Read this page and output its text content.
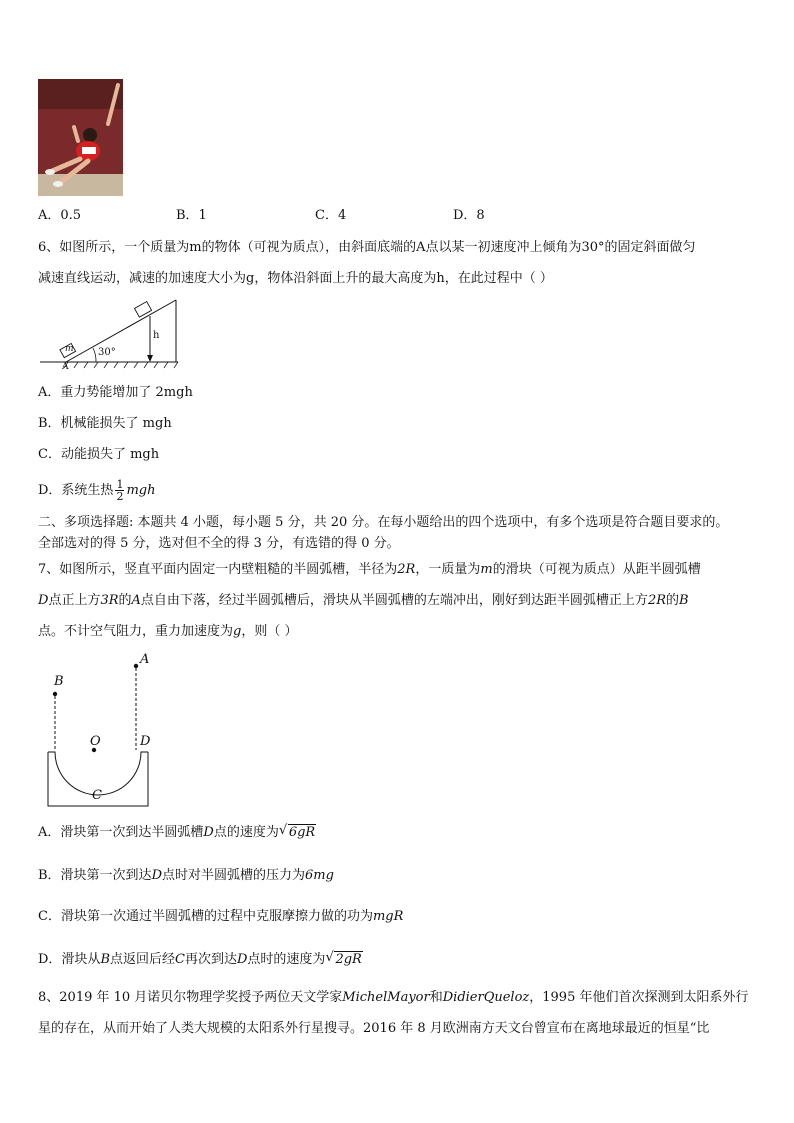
A．0.5	B．1	C．4	D．8
6、如图所示，一个质量为m的物体（可视为质点），由斜面底端的A点以某一初速度冲上倾角为30°的固定斜面做匀
减速直线运动，减速的加速度大小为g，物体沿斜面上升的最大高度为h，在此过程中（ ）
m 30°
h
A
A．重力势能增加了 2mgh
B．机械能损失了 mgh
C．动能损失了 mgh
D．系统生热 $\frac{1}{2}$ mgh
二、多项选择题: 本题共 4 小题，每小题 5 分，共 20 分。在每小题给出的四个选项中，有多个选项是符合题目要求的。
全部选对的得 5 分，选对但不全的得 3 分，有选错的得 0 分。
7、如图所示，竖直平面内固定一内壁粗糙的半圆弧槽，半径为2R，一质量为m的滑块（可视为质点）从距半圆弧槽
D点正上方3R的A点自由下落，经过半圆弧槽后，滑块从半圆弧槽的左端冲出，刚好到达距半圆弧槽正上方2R的B
点。不计空气阻力，重力加速度为g，则（ ）
B
A
O	D
C
A．滑块第一次到达半圆弧槽D点的速度为 √ 6gR
B．滑块第一次到达D点时对半圆弧槽的压力为6mg
C．滑块第一次通过半圆弧槽的过程中克服摩擦力做的功为mgR
D．滑块从B点返回后经C再次到达D点时的速度为 √ 2gR
8、2019 年 10 月诺贝尔物理学奖授予两位天文学家MichelMayor和DidierQueloz，1995 年他们首次探测到太阳系外行
星的存在，从而开始了人类大规模的太阳系外行星搜寻。2016 年 8 月欧洲南方天文台曾宣布在离地球最近的恒星“比
